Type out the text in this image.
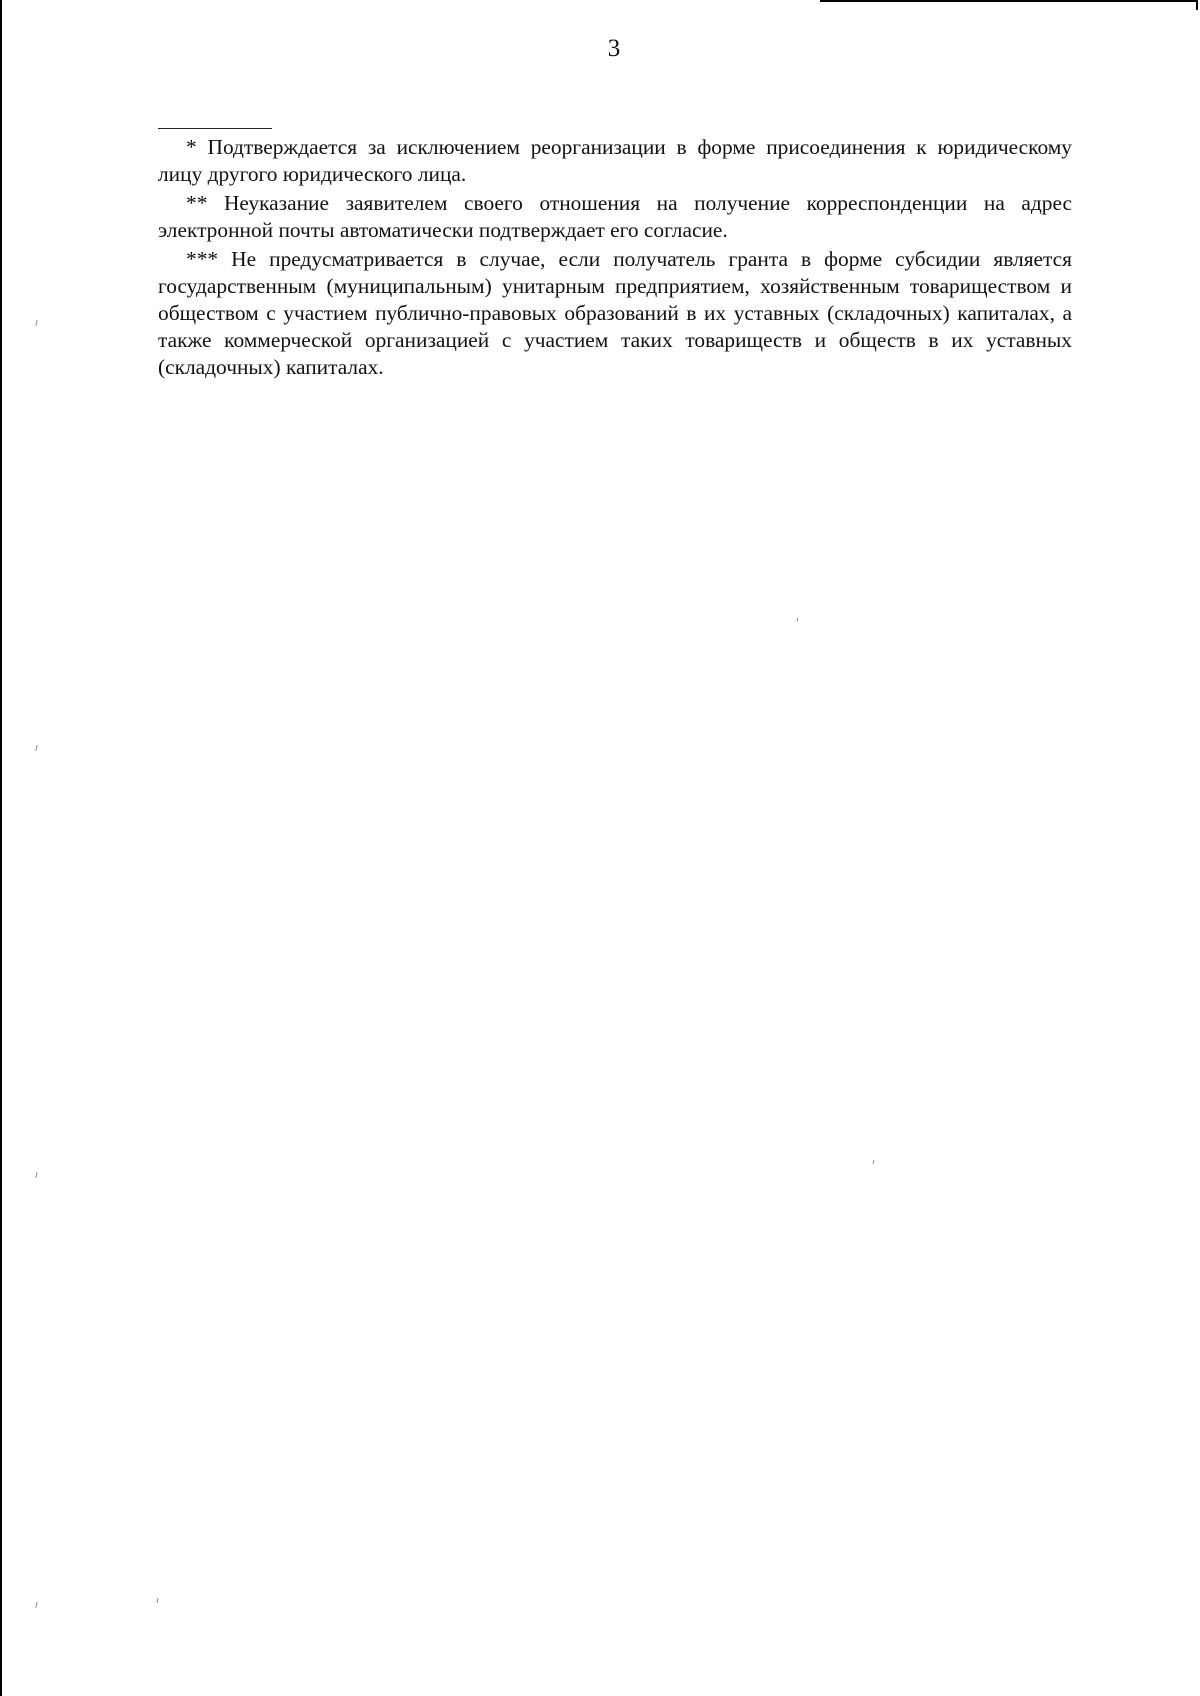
3

* Подтверждается за исключением реорганизации в форме присоединения к юридическому лицу другого юридического лица.

** Неуказание заявителем своего отношения на получение корреспонденции на адрес электронной почты автоматически подтверждает его согласие.

*** Не предусматривается в случае, если получатель гранта в форме субсидии является государственным (муниципальным) унитарным предприятием, хозяйственным товариществом и обществом с участием публично-правовых образований в их уставных (складочных) капиталах, а также коммерческой организацией с участием таких товариществ и обществ в их уставных (складочных) капиталах.
